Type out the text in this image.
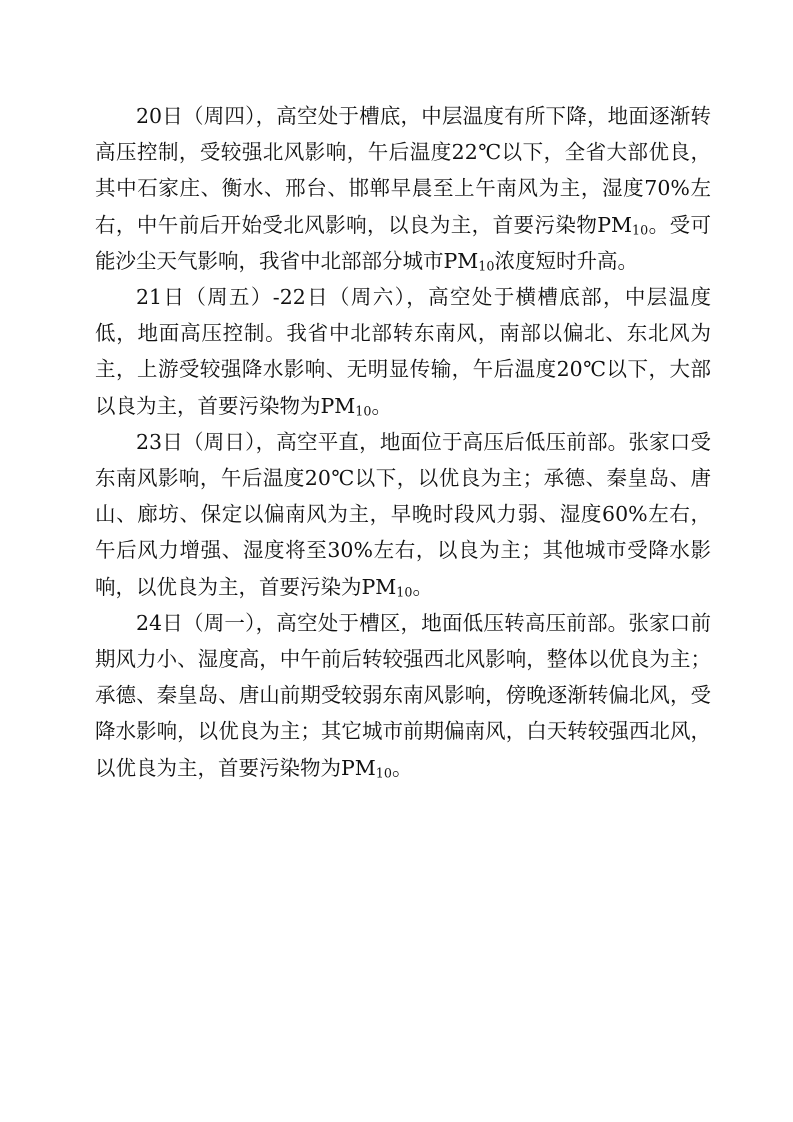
20日（周四），高空处于槽底，中层温度有所下降，地面逐渐转高压控制，受较强北风影响，午后温度22℃以下，全省大部优良，其中石家庄、衡水、邢台、邯郸早晨至上午南风为主，湿度70%左右，中午前后开始受北风影响，以良为主，首要污染物PM10。受可能沙尘天气影响，我省中北部部分城市PM10浓度短时升高。

21日（周五）-22日（周六），高空处于横槽底部，中层温度低，地面高压控制。我省中北部转东南风，南部以偏北、东北风为主，上游受较强降水影响、无明显传输，午后温度20℃以下，大部以良为主，首要污染物为PM10。

23日（周日），高空平直，地面位于高压后低压前部。张家口受东南风影响，午后温度20℃以下，以优良为主；承德、秦皇岛、唐山、廊坊、保定以偏南风为主，早晚时段风力弱、湿度60%左右，午后风力增强、湿度将至30%左右，以良为主；其他城市受降水影响，以优良为主，首要污染为PM10。

24日（周一），高空处于槽区，地面低压转高压前部。张家口前期风力小、湿度高，中午前后转较强西北风影响，整体以优良为主；承德、秦皇岛、唐山前期受较弱东南风影响，傍晚逐渐转偏北风，受降水影响，以优良为主；其它城市前期偏南风，白天转较强西北风，以优良为主，首要污染物为PM10。
